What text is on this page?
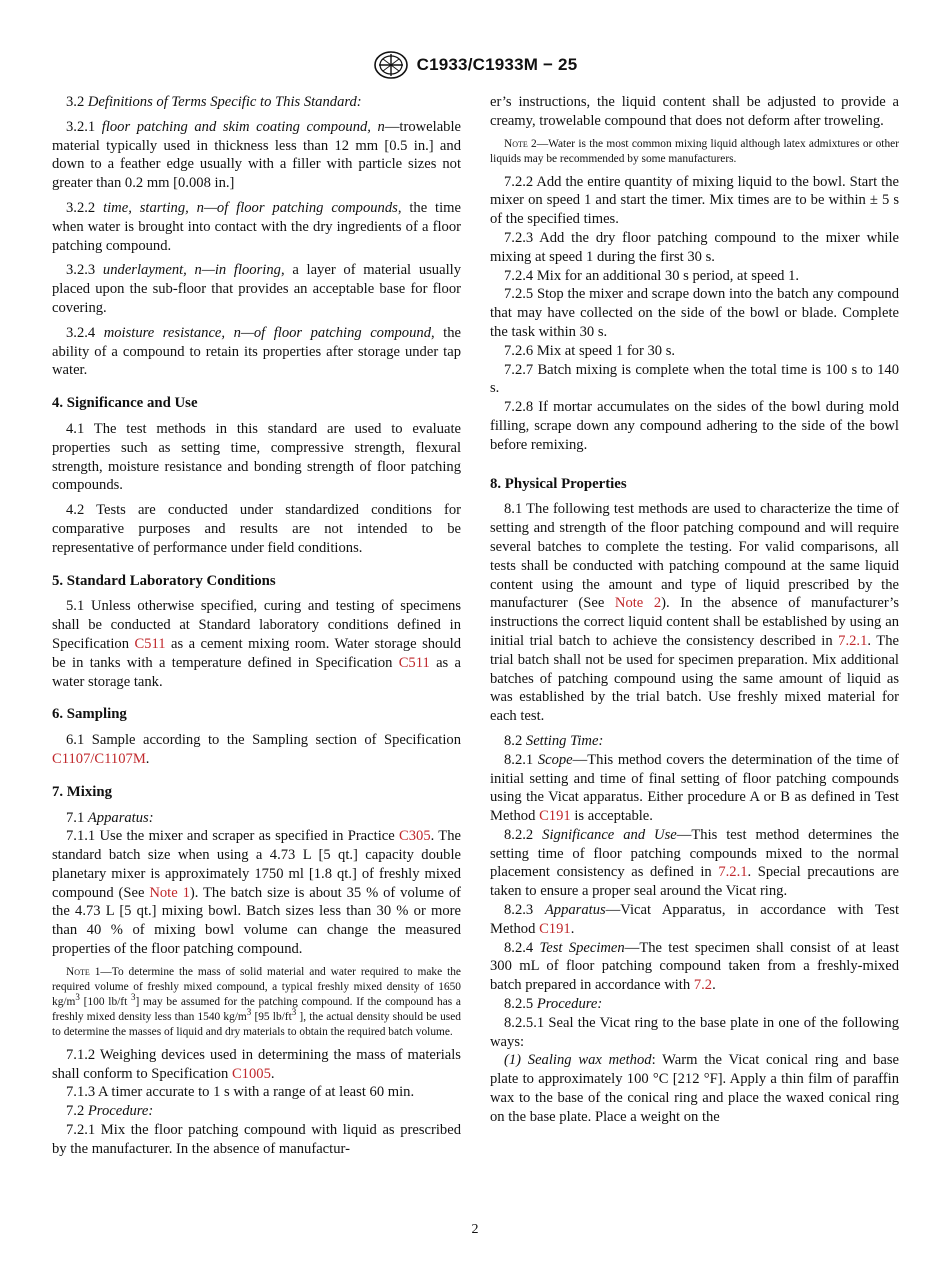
C1933/C1933M − 25

3.2 Definitions of Terms Specific to This Standard:

3.2.1 floor patching and skim coating compound, n—trowelable material typically used in thickness less than 12 mm [0.5 in.] and down to a feather edge usually with a filler with particle sizes not greater than 0.2 mm [0.008 in.]

3.2.2 time, starting, n—of floor patching compounds, the time when water is brought into contact with the dry ingredients of a floor patching compound.

3.2.3 underlayment, n—in flooring, a layer of material usually placed upon the sub-floor that provides an acceptable base for floor covering.

3.2.4 moisture resistance, n—of floor patching compound, the ability of a compound to retain its properties after storage under tap water.

4. Significance and Use

4.1 The test methods in this standard are used to evaluate properties such as setting time, compressive strength, flexural strength, moisture resistance and bonding strength of floor patching compounds.

4.2 Tests are conducted under standardized conditions for comparative purposes and results are not intended to be representative of performance under field conditions.

5. Standard Laboratory Conditions

5.1 Unless otherwise specified, curing and testing of specimens shall be conducted at Standard laboratory conditions defined in Specification C511 as a cement mixing room. Water storage should be in tanks with a temperature defined in Specification C511 as a water storage tank.

6. Sampling

6.1 Sample according to the Sampling section of Specification C1107/C1107M.

7. Mixing

7.1 Apparatus:

7.1.1 Use the mixer and scraper as specified in Practice C305. The standard batch size when using a 4.73 L [5 qt.] capacity double planetary mixer is approximately 1750 ml [1.8 qt.] of freshly mixed compound (See Note 1). The batch size is about 35 % of volume of the 4.73 L [5 qt.] mixing bowl. Batch sizes less than 30 % or more than 40 % of mixing bowl volume can change the measured properties of the floor patching compound.

Note 1—To determine the mass of solid material and water required to make the required volume of freshly mixed compound, a typical freshly mixed density of 1650 $kg/m^3$ [100 lb/ft $^3$] may be assumed for the patching compound. If the compound has a freshly mixed density less than 1540 $kg/m^3$ [95 $lb/ft^3$ ], the actual density should be used to determine the masses of liquid and dry materials to obtain the required batch volume.

7.1.2 Weighing devices used in determining the mass of materials shall conform to Specification C1005.

7.1.3 A timer accurate to 1 s with a range of at least 60 min.

7.2 Procedure:

7.2.1 Mix the floor patching compound with liquid as prescribed by the manufacturer. In the absence of manufactur-

er’s instructions, the liquid content shall be adjusted to provide a creamy, trowelable compound that does not deform after troweling.

Note 2—Water is the most common mixing liquid although latex admixtures or other liquids may be recommended by some manufacturers.

7.2.2 Add the entire quantity of mixing liquid to the bowl. Start the mixer on speed 1 and start the timer. Mix times are to be within ± 5 s of the specified times.

7.2.3 Add the dry floor patching compound to the mixer while mixing at speed 1 during the first 30 s.

7.2.4 Mix for an additional 30 s period, at speed 1.

7.2.5 Stop the mixer and scrape down into the batch any compound that may have collected on the side of the bowl or blade. Complete the task within 30 s.

7.2.6 Mix at speed 1 for 30 s.

7.2.7 Batch mixing is complete when the total time is 100 s to 140 s.

7.2.8 If mortar accumulates on the sides of the bowl during mold filling, scrape down any compound adhering to the side of the bowl before remixing.

8. Physical Properties

8.1 The following test methods are used to characterize the time of setting and strength of the floor patching compound and will require several batches to complete the testing. For valid comparisons, all tests shall be conducted with patching compound at the same liquid content using the amount and type of liquid prescribed by the manufacturer (See Note 2). In the absence of manufacturer’s instructions the correct liquid content shall be established by using an initial trial batch to achieve the consistency described in 7.2.1. The trial batch shall not be used for specimen preparation. Mix additional batches of patching compound using the same amount of liquid as was established by the trial batch. Use freshly mixed material for each test.

8.2 Setting Time:

8.2.1 Scope—This method covers the determination of the time of initial setting and time of final setting of floor patching compounds using the Vicat apparatus. Either procedure A or B as defined in Test Method C191 is acceptable.

8.2.2 Significance and Use—This test method determines the setting time of floor patching compounds mixed to the normal placement consistency as defined in 7.2.1. Special precautions are taken to ensure a proper seal around the Vicat ring.

8.2.3 Apparatus—Vicat Apparatus, in accordance with Test Method C191.

8.2.4 Test Specimen—The test specimen shall consist of at least 300 mL of floor patching compound taken from a freshly-mixed batch prepared in accordance with 7.2.

8.2.5 Procedure:

8.2.5.1 Seal the Vicat ring to the base plate in one of the following ways:

(1) Sealing wax method: Warm the Vicat conical ring and base plate to approximately 100 °C [212 °F]. Apply a thin film of paraffin wax to the base of the conical ring and place the waxed conical ring on the base plate. Place a weight on the

2
